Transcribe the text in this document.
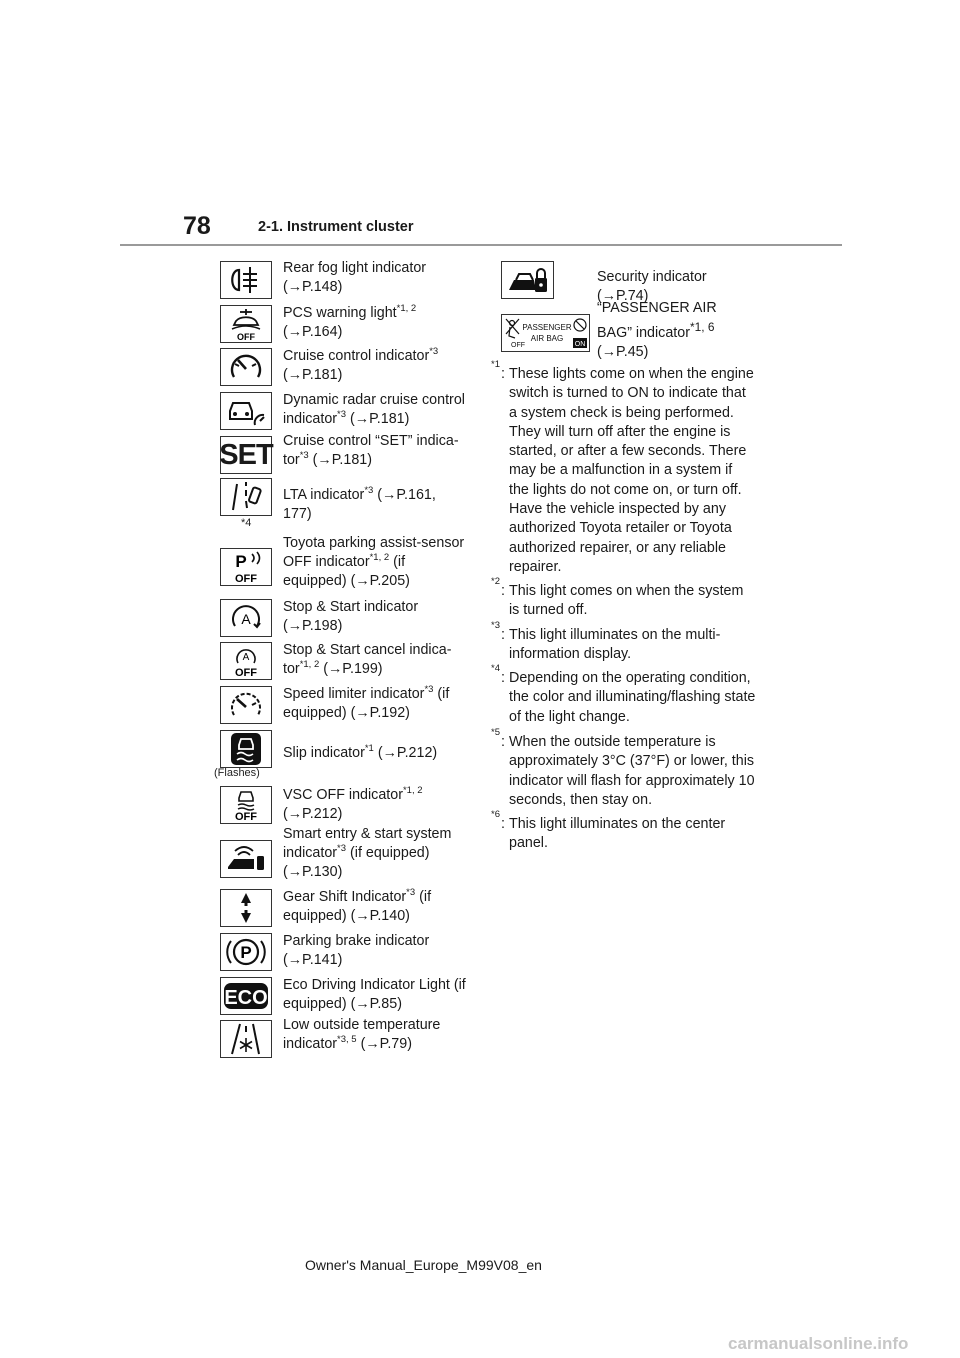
78	2-1. Instrument cluster
Rear fog light indicator
(→P.148)
OFF
PCS warning light$^{*1, 2}$
(→P.164)
Cruise control indicator$^{*3}$
(→P.181)
Dynamic radar cruise control
indicator$^{*3}$ (→P.181)
SET Cruise control “SET” indica-
tor$^{*3}$ (→P.181)
*4
LTA indicator$^{*3}$ (→P.161,
177)
P
OFF
Toyota parking assist-sensor
OFF indicator$^{*1, 2}$ (if
equipped) (→P.205)
A
Stop & Start indicator
(→P.198)
A
OFF
Stop & Start cancel indica-
tor$^{*1, 2}$ (→P.199)
Speed limiter indicator$^{*3}$ (if
equipped) (→P.192)
(Flashes)
Slip indicator$^{*1}$ (→P.212)
OFF
VSC OFF indicator$^{*1, 2}$
(→P.212)
Smart entry & start system
indicator$^{*3}$ (if equipped)
(→P.130)
Gear Shift Indicator$^{*3}$ (if
equipped) (→P.140)
P
Parking brake indicator
(→P.141)
ECO
Eco Driving Indicator Light (if
equipped) (→P.85)
Low outside temperature
indicator$^{*3, 5}$ (→P.79)
Security indicator (→P.74)
OFF
PASSENGER
AIR BAG
ON
“PASSENGER AIR
BAG” indicator$^{*1, 6}$
(→P.45)
*1
: These lights come on when the engine switch is turned to ON to indicate that a system check is being performed. They will turn off after the engine is started, or after a few seconds. There may be a malfunction in a system if the lights do not come on, or turn off. Have the vehicle inspected by any authorized Toyota retailer or Toyota authorized repairer, or any reliable repairer.
*2
: This light comes on when the system is turned off.
*3
: This light illuminates on the multiinformation display.
*4
: Depending on the operating condition, the color and illuminating/flashing state of the light change.
*5
: When the outside temperature is approximately 3°C (37°F) or lower, this indicator will flash for approximately 10 seconds, then stay on.
*6
: This light illuminates on the center panel.
Owner's Manual_Europe_M99V08_en
carmanualsonline.info
